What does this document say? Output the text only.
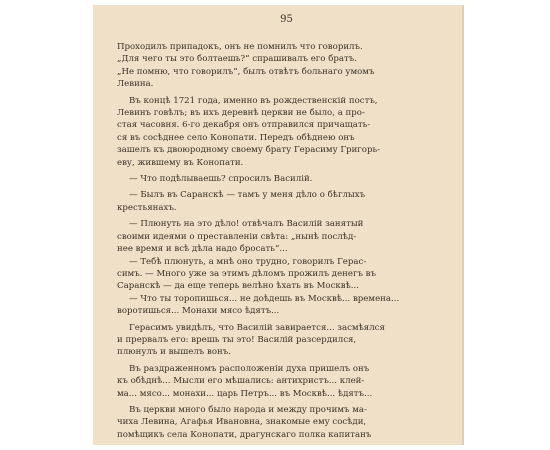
95
Проходилъ припадокъ, онъ не помнилъ что говорилъ.
„Для чего ты это болтаешь?“ спрашивалъ его братъ.
„Не помню, что говорилъ“, былъ отвѣтъ больнаго умомъ
Левина.
Въ концѣ 1721 года, именно въ рождественскій постъ,
Левинъ говѣлъ; въ ихъ деревнѣ церкви не было, а про-
стая часовня. 6-го декабря онъ отправился причащать-
ся въ сосѣднее село Конопати. Передъ обѣднею онъ
зашелъ къ двоюродному своему брату Герасиму Григорь-
еву, жившему въ Конопати.
— Что подѣлываешь? спросилъ Василій.
— Былъ въ Саранскѣ — тамъ у меня дѣло о бѣглыхъ
крестьянахъ.
— Плюнуть на это дѣло! отвѣчалъ Василій занятый
своими идеями о преставленіи свѣта: „нынѣ послѣд-
нее время и всѣ дѣла надо бросать“...
— Тебѣ плюнуть, а мнѣ оно трудно, говорилъ Герас-
симъ. — Много уже за этимъ дѣломъ прожилъ денегъ въ
Саранскѣ — да еще теперь велѣно ѣхать въ Москвѣ...
— Что ты торопишься... не доѣдешь въ Москвѣ... времена...
воротишься... Монахи мясо ѣдятъ...
Герасимъ увидѣлъ, что Василій завирается... засмѣялся
и прервалъ его: врешь ты это! Василій разсердился,
плюнулъ и вышелъ вонъ.
Въ раздраженномъ расположеніи духа пришелъ онъ
къ обѣднѣ... Мысли его мѣшались: антихристъ... клей-
ма... мясо... монахи... царь Петръ... въ Москвѣ... ѣдятъ...
Въ церкви много было народа и между прочимъ ма-
чиха Левина, Агафья Ивановна, знакомые ему сосѣди,
помѣщикъ села Конопати, драгунскаго полка капитанъ
